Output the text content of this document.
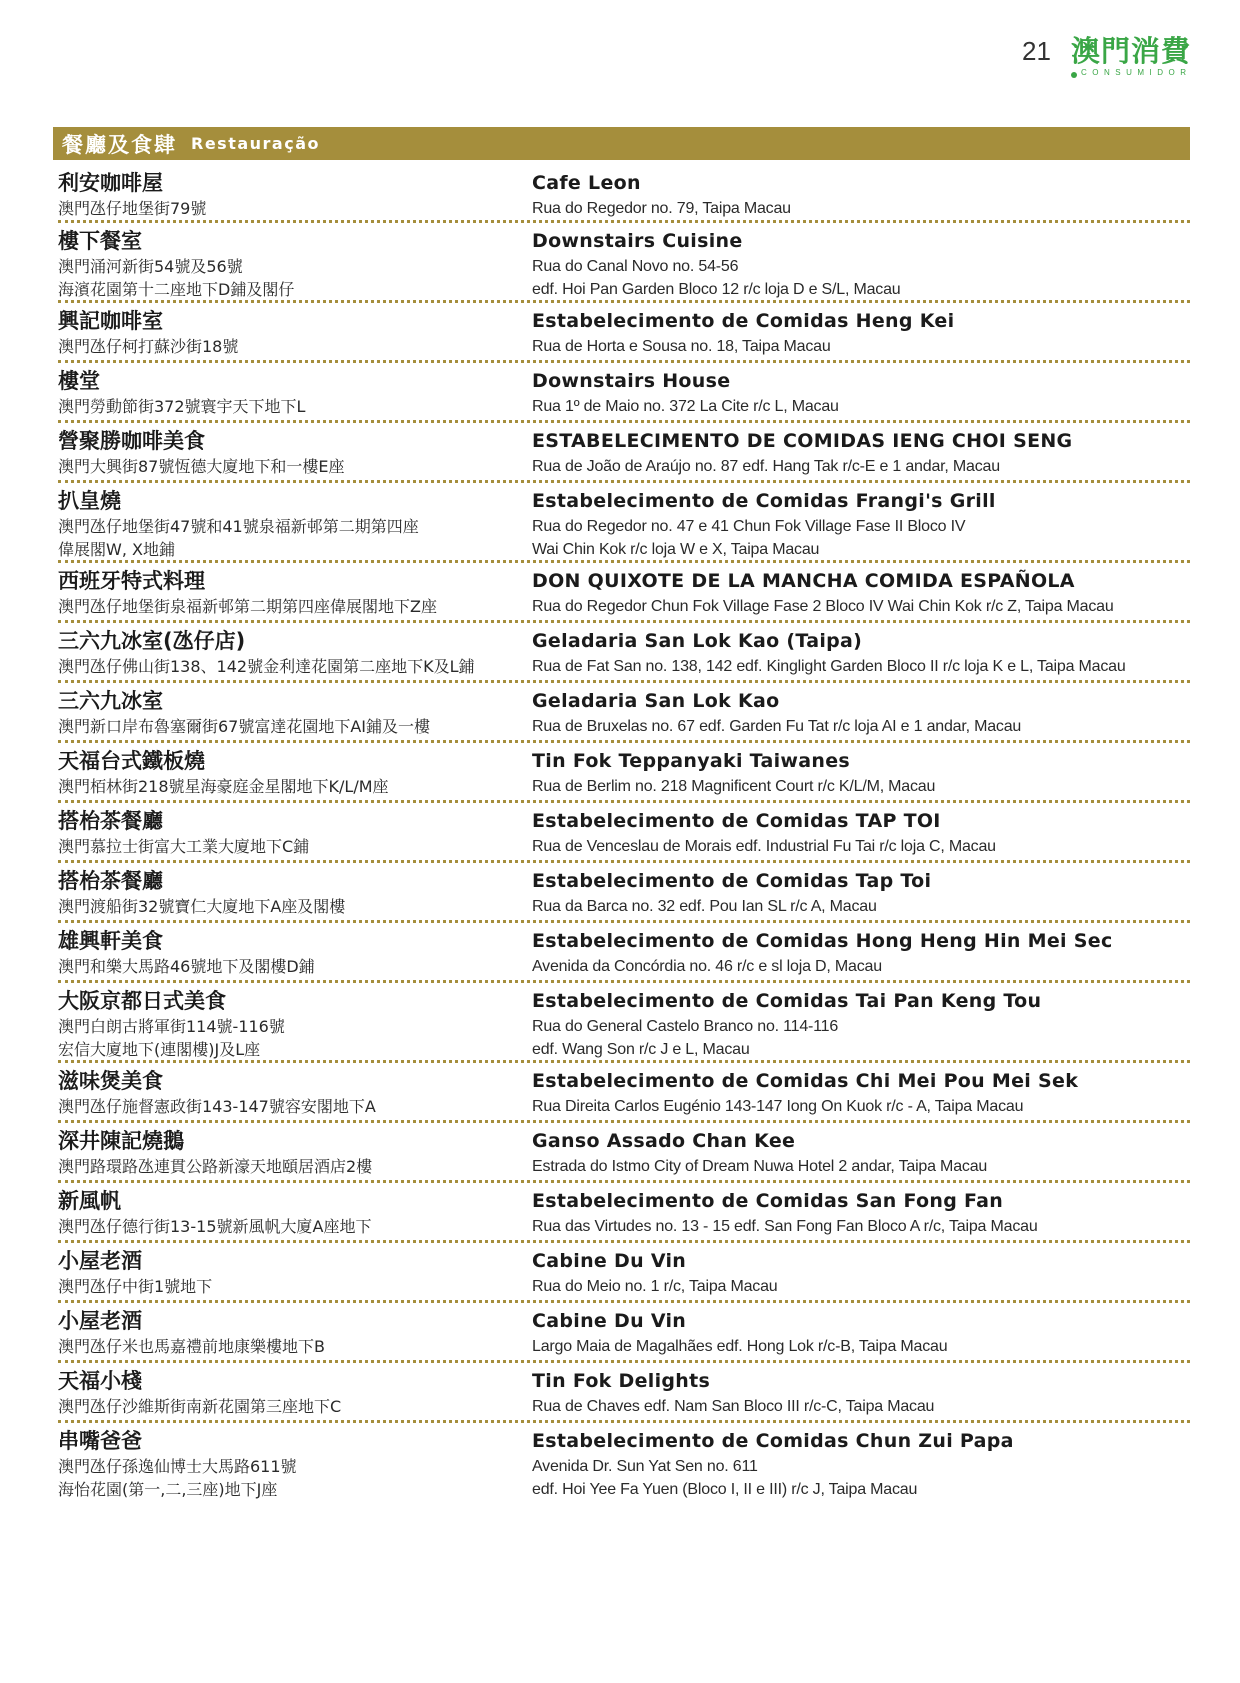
21 澳門消費
CONSUMIDOR
餐廳及食肆 Restauração
利安咖啡屋
澳門氹仔地堡街79號
Cafe Leon
Rua do Regedor no. 79, Taipa Macau
樓下餐室
澳門涌河新街54號及56號
海濱花園第十二座地下D鋪及閣仔
Downstairs Cuisine
Rua do Canal Novo no. 54-56
edf. Hoi Pan Garden Bloco 12 r/c loja D e S/L, Macau
興記咖啡室
澳門氹仔柯打蘇沙街18號
Estabelecimento de Comidas Heng Kei
Rua de Horta e Sousa no. 18, Taipa Macau
樓堂
澳門勞動節街372號寰宇天下地下L
Downstairs House
Rua 1º de Maio no. 372 La Cite r/c L, Macau
營聚勝咖啡美食
澳門大興街87號恆德大廈地下和一樓E座
ESTABELECIMENTO DE COMIDAS IENG CHOI SENG
Rua de João de Araújo no. 87 edf. Hang Tak r/c-E e 1 andar, Macau
扒皇燒
澳門氹仔地堡街47號和41號泉福新邨第二期第四座
偉展閣W, X地鋪
Estabelecimento de Comidas Frangi's Grill
Rua do Regedor no. 47 e 41 Chun Fok Village Fase II Bloco IV
Wai Chin Kok r/c loja W e X, Taipa Macau
西班牙特式料理
澳門氹仔地堡街泉福新邨第二期第四座偉展閣地下Z座
DON QUIXOTE DE LA MANCHA COMIDA ESPAÑOLA
Rua do Regedor Chun Fok Village Fase 2 Bloco IV Wai Chin Kok r/c Z, Taipa Macau
三六九冰室(氹仔店)
澳門氹仔佛山街138、142號金利達花園第二座地下K及L鋪
Geladaria San Lok Kao (Taipa)
Rua de Fat San no. 138, 142 edf. Kinglight Garden Bloco II r/c loja K e L, Taipa Macau
三六九冰室
澳門新口岸布魯塞爾街67號富達花園地下AI鋪及一樓
Geladaria San Lok Kao
Rua de Bruxelas no. 67 edf. Garden Fu Tat r/c loja AI e 1 andar, Macau
天福台式鐵板燒
澳門栢林街218號星海豪庭金星閣地下K/L/M座
Tin Fok Teppanyaki Taiwanes
Rua de Berlim no. 218 Magnificent Court r/c K/L/M, Macau
搭枱茶餐廳
澳門慕拉士街富大工業大廈地下C鋪
Estabelecimento de Comidas TAP TOI
Rua de Venceslau de Morais edf. Industrial Fu Tai r/c loja C, Macau
搭枱茶餐廳
澳門渡船街32號寶仁大廈地下A座及閣樓
Estabelecimento de Comidas Tap Toi
Rua da Barca no. 32 edf. Pou Ian SL r/c A, Macau
雄興軒美食
澳門和樂大馬路46號地下及閣樓D鋪
Estabelecimento de Comidas Hong Heng Hin Mei Sec
Avenida da Concórdia no. 46 r/c e sl loja D, Macau
大阪京都日式美食
澳門白朗古將軍街114號-116號
宏信大廈地下(連閣樓)J及L座
Estabelecimento de Comidas Tai Pan Keng Tou
Rua do General Castelo Branco no. 114-116
edf. Wang Son r/c J e L, Macau
滋味煲美食
澳門氹仔施督憲政街143-147號容安閣地下A
Estabelecimento de Comidas Chi Mei Pou Mei Sek
Rua Direita Carlos Eugénio 143-147 Iong On Kuok r/c - A, Taipa Macau
深井陳記燒鵝
澳門路環路氹連貫公路新濠天地頤居酒店2樓
Ganso Assado Chan Kee
Estrada do Istmo City of Dream Nuwa Hotel 2 andar, Taipa Macau
新風帆
澳門氹仔德行街13-15號新風帆大廈A座地下
Estabelecimento de Comidas San Fong Fan
Rua das Virtudes no. 13 - 15 edf. San Fong Fan Bloco A r/c, Taipa Macau
小屋老酒
澳門氹仔中街1號地下
Cabine Du Vin
Rua do Meio no. 1 r/c, Taipa Macau
小屋老酒
澳門氹仔米也馬嘉禮前地康樂樓地下B
Cabine Du Vin
Largo Maia de Magalhães edf. Hong Lok r/c-B, Taipa Macau
天福小棧
澳門氹仔沙維斯街南新花園第三座地下C
Tin Fok Delights
Rua de Chaves edf. Nam San Bloco III r/c-C, Taipa Macau
串嘴爸爸
澳門氹仔孫逸仙博士大馬路611號
海怡花園(第一,二,三座)地下J座
Estabelecimento de Comidas Chun Zui Papa
Avenida Dr. Sun Yat Sen no. 611
edf. Hoi Yee Fa Yuen (Bloco I, II e III) r/c J, Taipa Macau
